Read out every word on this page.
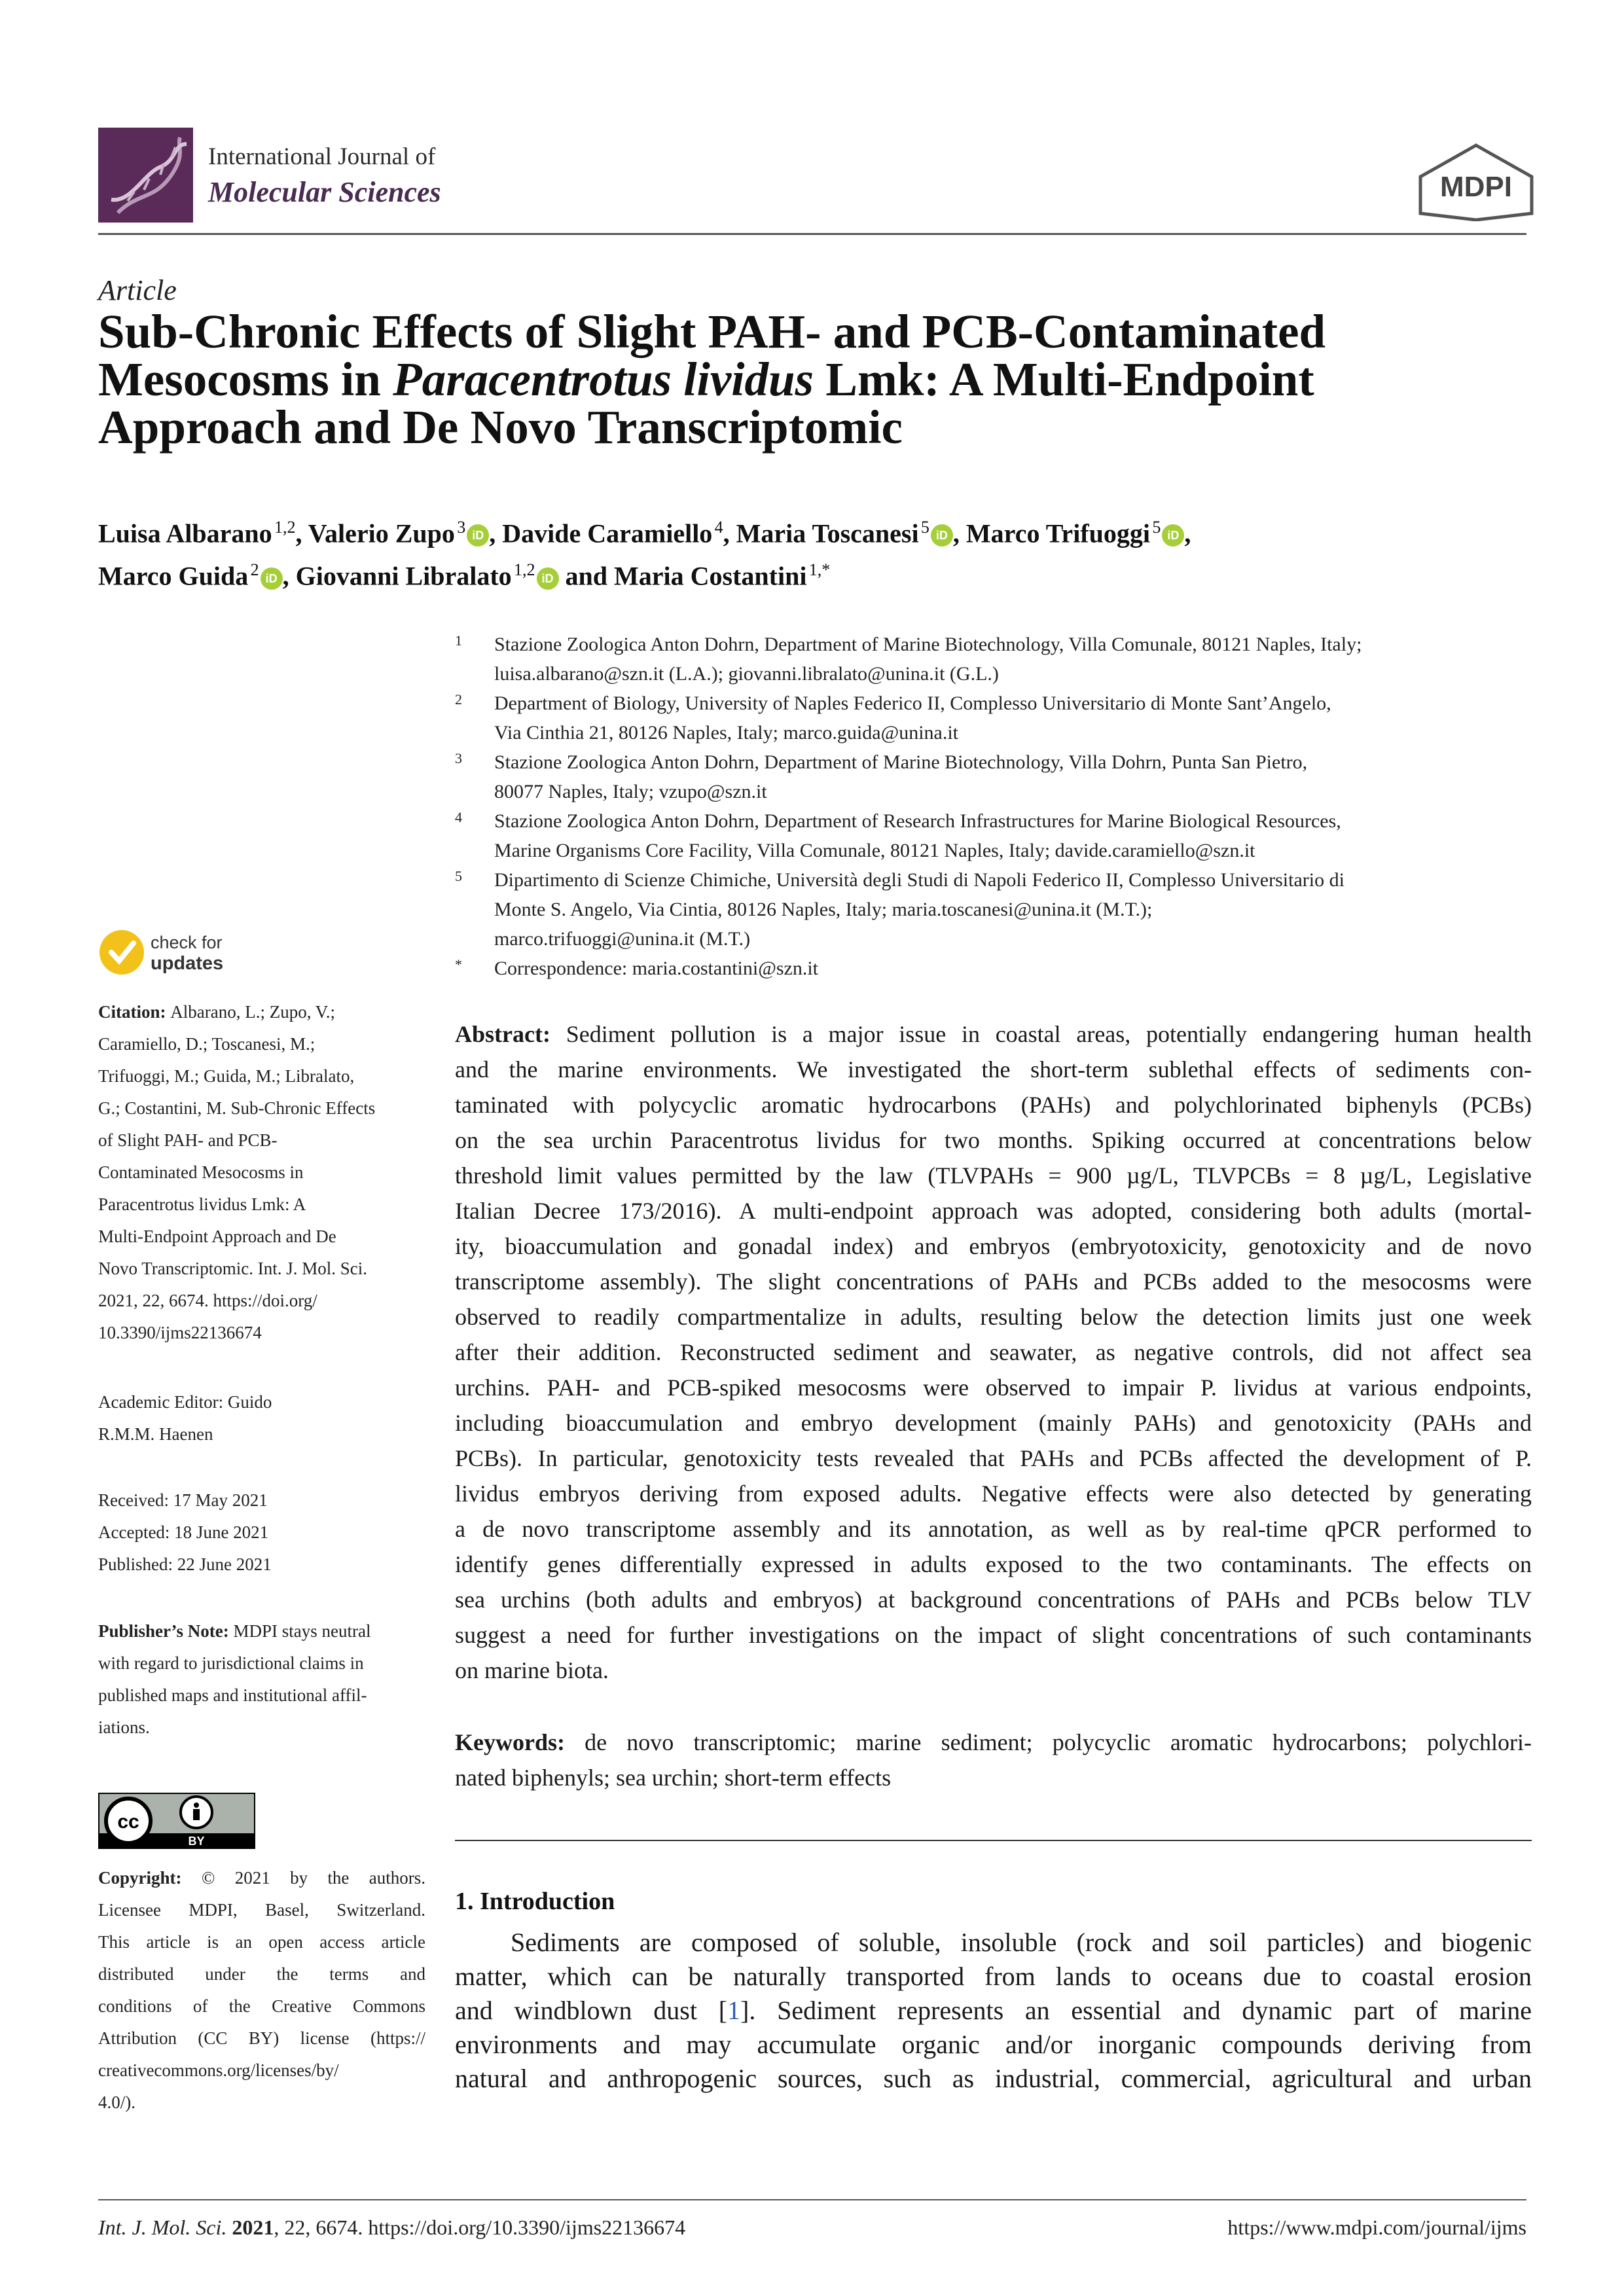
International Journal of
Molecular Sciences	MDPI
Article
Sub-Chronic Effects of Slight PAH- and PCB-Contaminated
Mesocosms in Paracentrotus lividus Lmk: A Multi-Endpoint
Approach and De Novo Transcriptomic
Luisa Albarano  $^{1,2}$, Valerio Zupo  $^3$ iD , Davide Caramiello  $^4$, Maria Toscanesi  $^5$ iD , Marco Trifuoggi  $^5$ iD ,
Marco Guida  $^2$ iD , Giovanni Libralato  $^{1,2}$ iD and Maria Costantini  $^{1,*}$
1 Stazione Zoologica Anton Dohrn, Department of Marine Biotechnology, Villa Comunale, 80121 Naples, Italy;
luisa.albarano@szn.it (L.A.); giovanni.libralato@unina.it (G.L.)
2 Department of Biology, University of Naples Federico II, Complesso Universitario di Monte Sant’Angelo,
Via Cinthia 21, 80126 Naples, Italy; marco.guida@unina.it
3 Stazione Zoologica Anton Dohrn, Department of Marine Biotechnology, Villa Dohrn, Punta San Pietro,
80077 Naples, Italy; vzupo@szn.it
4 Stazione Zoologica Anton Dohrn, Department of Research Infrastructures for Marine Biological Resources,
Marine Organisms Core Facility, Villa Comunale, 80121 Naples, Italy; davide.caramiello@szn.it
5 Dipartimento di Scienze Chimiche, Università degli Studi di Napoli Federico II, Complesso Universitario di
Monte S. Angelo, Via Cintia, 80126 Naples, Italy; maria.toscanesi@unina.it (M.T.);
marco.trifuoggi@unina.it (M.T.)
* Correspondence: maria.costantini@szn.it
check for
updates
Citation: Albarano, L.; Zupo, V.;
Caramiello, D.; Toscanesi, M.;
Trifuoggi, M.; Guida, M.; Libralato,
G.; Costantini, M. Sub-Chronic Effects
of Slight PAH- and PCB-
Contaminated Mesocosms in
Paracentrotus lividus Lmk: A
Multi-Endpoint Approach and De
Novo Transcriptomic. Int. J. Mol. Sci.
2021, 22, 6674. https://doi.org/
10.3390/ijms22136674
Academic Editor: Guido
R.M.M. Haenen
Received: 17 May 2021
Accepted: 18 June 2021
Published: 22 June 2021
Publisher’s Note: MDPI stays neutral
with regard to jurisdictional claims in
published maps and institutional affil-
iations.
cc
BY
Copyright: © 2021 by the authors.
Licensee MDPI, Basel, Switzerland.
This article is an open access article
distributed under the terms and
conditions of the Creative Commons
Attribution (CC BY) license (https://
creativecommons.org/licenses/by/
4.0/).
Abstract: Sediment pollution is a major issue in coastal areas, potentially endangering human health
and the marine environments. We investigated the short-term sublethal effects of sediments con-
taminated with polycyclic aromatic hydrocarbons (PAHs) and polychlorinated biphenyls (PCBs)
on the sea urchin Paracentrotus lividus for two months. Spiking occurred at concentrations below
threshold limit values permitted by the law (TLVPAHs = 900 µg/L, TLVPCBs = 8 µg/L, Legislative
Italian Decree 173/2016). A multi-endpoint approach was adopted, considering both adults (mortal-
ity, bioaccumulation and gonadal index) and embryos (embryotoxicity, genotoxicity and de novo
transcriptome assembly). The slight concentrations of PAHs and PCBs added to the mesocosms were
observed to readily compartmentalize in adults, resulting below the detection limits just one week
after their addition. Reconstructed sediment and seawater, as negative controls, did not affect sea
urchins. PAH- and PCB-spiked mesocosms were observed to impair P. lividus at various endpoints,
including bioaccumulation and embryo development (mainly PAHs) and genotoxicity (PAHs and
PCBs). In particular, genotoxicity tests revealed that PAHs and PCBs affected the development of P.
lividus embryos deriving from exposed adults. Negative effects were also detected by generating
a de novo transcriptome assembly and its annotation, as well as by real-time qPCR performed to
identify genes differentially expressed in adults exposed to the two contaminants. The effects on
sea urchins (both adults and embryos) at background concentrations of PAHs and PCBs below TLV
suggest a need for further investigations on the impact of slight concentrations of such contaminants
on marine biota.
Keywords: de novo transcriptomic; marine sediment; polycyclic aromatic hydrocarbons; polychlori-
nated biphenyls; sea urchin; short-term effects
1. Introduction
Sediments are composed of soluble, insoluble (rock and soil particles) and biogenic
matter, which can be naturally transported from lands to oceans due to coastal erosion
and windblown dust [1]. Sediment represents an essential and dynamic part of marine
environments and may accumulate organic and/or inorganic compounds deriving from
natural and anthropogenic sources, such as industrial, commercial, agricultural and urban
Int. J. Mol. Sci. 2021, 22, 6674. https://doi.org/10.3390/ijms22136674	https://www.mdpi.com/journal/ijms
